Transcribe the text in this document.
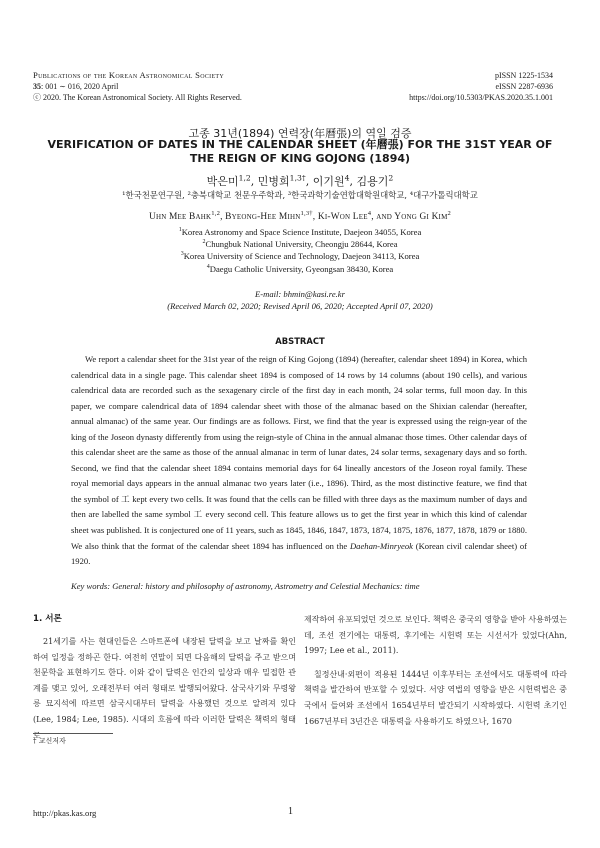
Publications of the Korean Astronomical Society
35: 001 ∼ 016, 2020 April
ⓒ 2020. The Korean Astronomical Society. All Rights Reserved.
pISSN 1225-1534
eISSN 2287-6936
https://doi.org/10.5303/PKAS.2020.35.1.001
고종 31년(1894) 연력장(年曆張)의 역일 검증
VERIFICATION OF DATES IN THE CALENDAR SHEET (年曆張) FOR THE 31ST YEAR OF
THE REIGN OF KING GOJONG (1894)
박은미$^{1,2}$, 민병희$^{1,3\dagger}$, 이기원$^4$, 김용기$^2$
¹한국천문연구원, ²충북대학교 천문우주학과, ³한국과학기술연합대학원대학교, ⁴대구가톨릭대학교
Uhn Mee Bahk$^{1,2}$, Byeong-Hee Mihn$^{1,3\dagger}$, Ki-Won Lee$^4$, and Yong Gi Kim$^2$
$^1$Korea Astronomy and Space Science Institute, Daejeon 34055, Korea
$^2$Chungbuk National University, Cheongju 28644, Korea
$^3$Korea University of Science and Technology, Daejeon 34113, Korea
$^4$Daegu Catholic University, Gyeongsan 38430, Korea
E-mail: bhmin@kasi.re.kr
(Received March 02, 2020; Revised April 06, 2020; Accepted April 07, 2020)
ABSTRACT

We report a calendar sheet for the 31st year of the reign of King Gojong (1894) (hereafter, calendar sheet 1894) in Korea, which calendrical data in a single page. This calendar sheet 1894 is composed of 14 rows by 14 columns (about 190 cells), and various calendrical data are recorded such as the sexagenary circle of the first day in each month, 24 solar terms, full moon day. In this paper, we compare calendrical data of 1894 calendar sheet with those of the almanac based on the Shixian calendar (hereafter, annual almanac) of the same year. Our findings are as follows. First, we find that the year is expressed using the reign-year of the king of the Joseon dynasty differently from using the reign-style of China in the annual almanac those times. Other calendar days of this calendar sheet are the same as those of the annual almanac in term of lunar dates, 24 solar terms, sexagenary days and so forth. Second, we find that the calendar sheet 1894 contains memorial days for 64 lineally ancestors of the Joseon royal family. These royal memorial days appears in the annual almanac two years later (i.e., 1896). Third, as the most distinctive feature, we find that the symbol of 工 kept every two cells. It was found that the cells can be filled with three days as the maximum number of days and then are labelled the same symbol 工 every second cell. This feature allows us to get the first year in which this kind of calendar sheet was published. It is conjectured one of 11 years, such as 1845, 1846, 1847, 1873, 1874, 1875, 1876, 1877, 1878, 1879 or 1880. We also think that the format of the calendar sheet 1894 has influenced on the Daehan-Minryeok (Korean civil calendar sheet) of 1920.

Key words: General: history and philosophy of astronomy, Astrometry and Celestial Mechanics: time
1. 서론

21세기를 사는 현대인들은 스마트폰에 내장된 달력을 보고 날짜를 확인하여 일정을 정하곤 한다. 여전히 연말이 되면 다음해의 달력을 주고 받으며 천문학을 표현하기도 한다. 이와 같이 달력은 인간의 일상과 매우 밀접한 관계를 맺고 있어, 오래전부터 여러 형태로 발행되어왔다. 삼국사기와 무령왕릉 묘지석에 따르면 삼국시대부터 달력을 사용했던 것으로 알려져 있다(Lee, 1984; Lee, 1985). 시대의 흐름에 따라 이러한 달력은 책력의 형태로

제작하여 유포되었던 것으로 보인다. 책력은 중국의 영향을 받아 사용하였는데, 조선 전기에는 대통력, 후기에는 시헌력 또는 시선서가 있었다(Ahn, 1997; Lee et al., 2011).

칠정산내·외편이 적용된 1444년 이후부터는 조선에서도 대통력에 따라 책력을 발간하여 반포할 수 있었다. 서양 역법의 영향을 받은 시헌력법은 중국에서 들여와 조선에서 1654년부터 발간되기 시작하였다. 시헌력 초기인 1667년부터 3년간은 대통력을 사용하기도 하였으나, 1670

† 교신저자
http://pkas.kas.org	1
